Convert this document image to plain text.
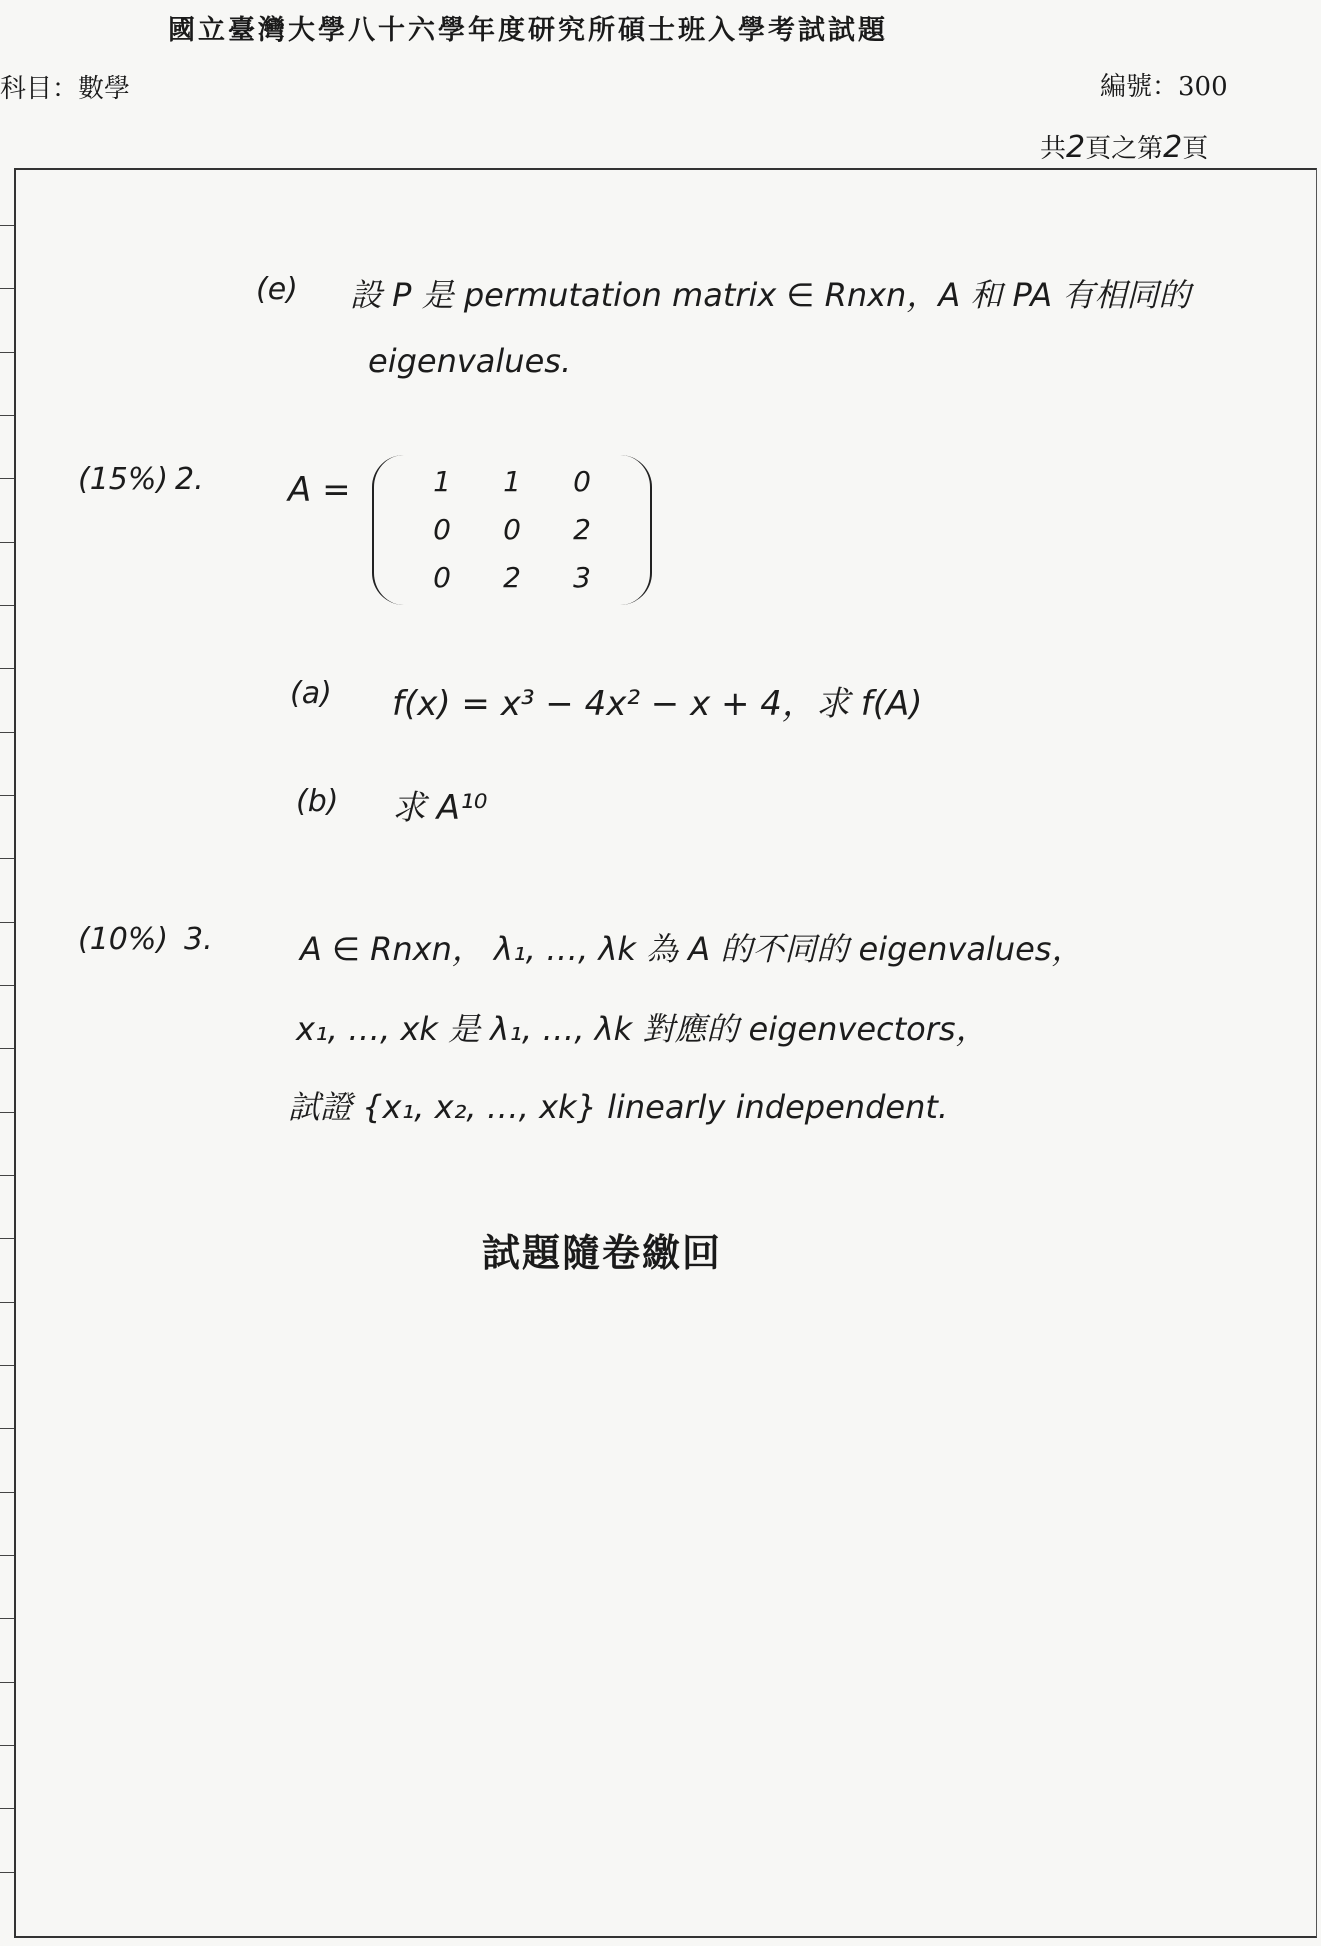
國立臺灣大學八十六學年度研究所碩士班入學考試試題
科目：數學	編號：300
共2頁之第2頁
(e) 設 P 是 permutation matrix ∈ Rnxn，A 和 PA 有相同的
eigenvalues.
(15%) 2. A =	1	1	0
0	0	2
0	2	3
(a) f(x) = x³ − 4x² − x + 4，求 f(A)
(b) 求 A¹⁰
(10%) 3.	A ∈ Rnxn， λ₁, …, λk 為 A 的不同的 eigenvalues，
x₁, …, xk 是 λ₁, …, λk 對應的 eigenvectors，
試證 {x₁, x₂, …, xk} linearly independent.
試題隨卷繳回
